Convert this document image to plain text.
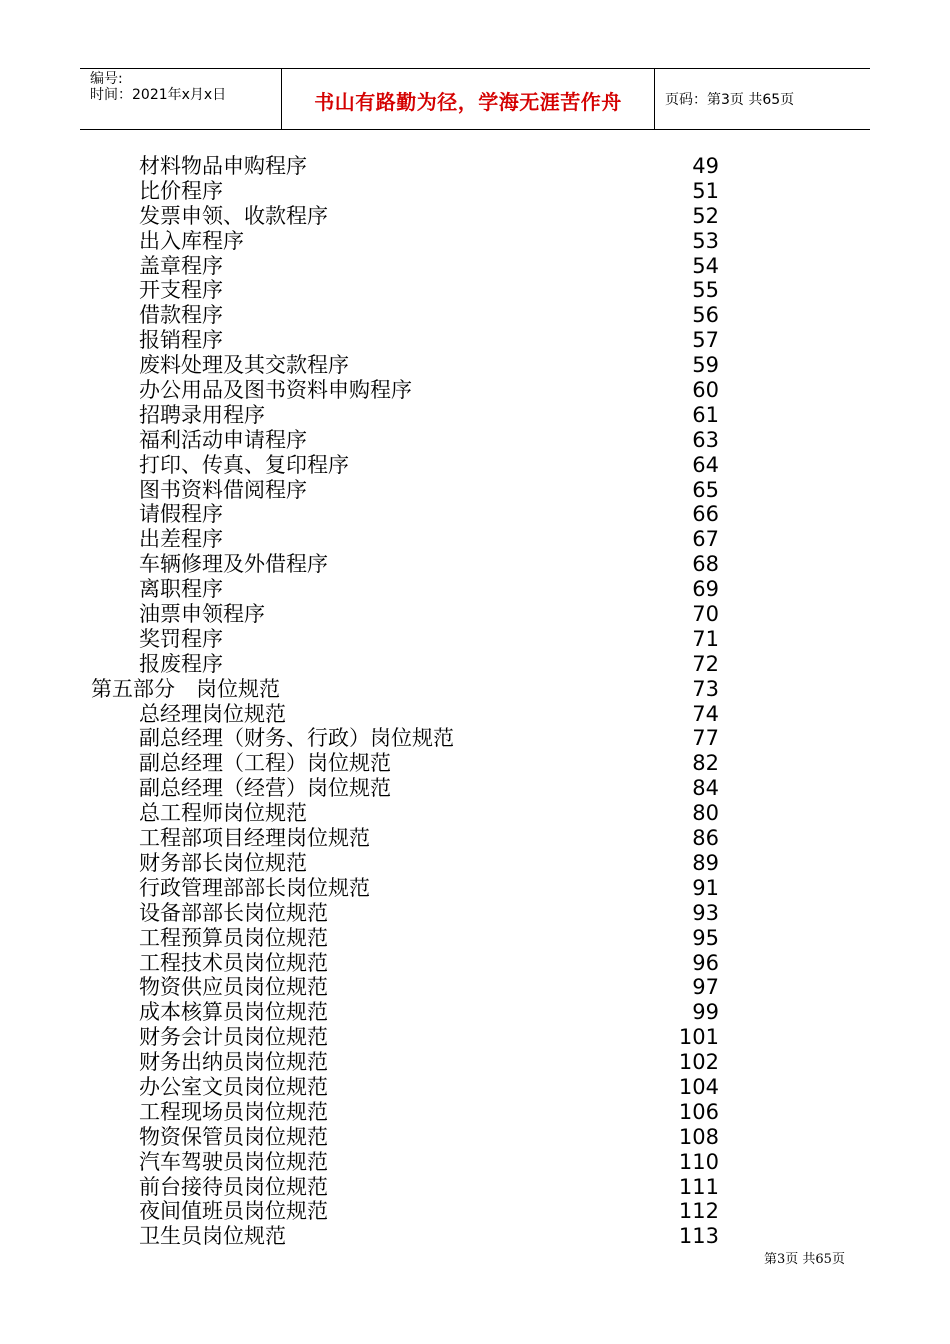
编号:
时间：2021年x月x日	书山有路勤为径，学海无涯苦作舟	页码：第3页 共65页
材料物品申购程序	49
比价程序	51
发票申领、收款程序	52
出入库程序	53
盖章程序	54
开支程序	55
借款程序	56
报销程序	57
废料处理及其交款程序	59
办公用品及图书资料申购程序	60
招聘录用程序	61
福利活动申请程序	63
打印、传真、复印程序	64
图书资料借阅程序	65
请假程序	66
出差程序	67
车辆修理及外借程序	68
离职程序	69
油票申领程序	70
奖罚程序	71
报废程序	72
第五部分　岗位规范	73
总经理岗位规范	74
副总经理（财务、行政）岗位规范	77
副总经理（工程）岗位规范	82
副总经理（经营）岗位规范	84
总工程师岗位规范	80
工程部项目经理岗位规范	86
财务部长岗位规范	89
行政管理部部长岗位规范	91
设备部部长岗位规范	93
工程预算员岗位规范	95
工程技术员岗位规范	96
物资供应员岗位规范	97
成本核算员岗位规范	99
财务会计员岗位规范	101
财务出纳员岗位规范	102
办公室文员岗位规范	104
工程现场员岗位规范	106
物资保管员岗位规范	108
汽车驾驶员岗位规范	110
前台接待员岗位规范	111
夜间值班员岗位规范	112
卫生员岗位规范	113
第3页 共65页
